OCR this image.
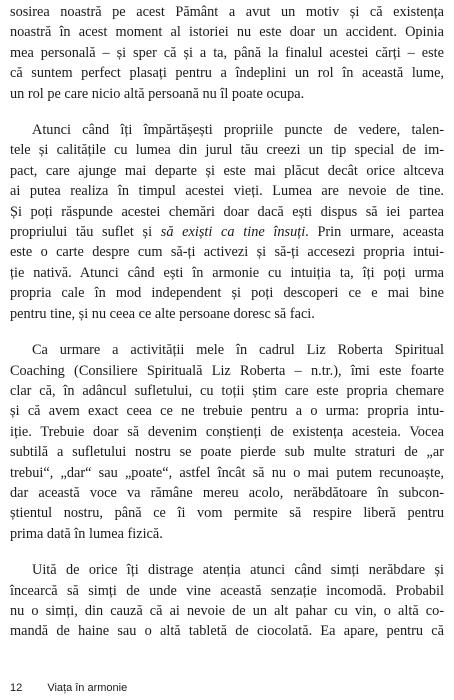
sosirea noastră pe acest Pământ a avut un motiv și că existența
noastră în acest moment al istoriei nu este doar un accident. Opinia
mea personală – și sper că și a ta, până la finalul acestei cărți – este
că suntem perfect plasați pentru a îndeplini un rol în această lume,
un rol pe care nicio altă persoană nu îl poate ocupa.

Atunci când îți împărtășești propriile puncte de vedere, talen-
tele și calitățile cu lumea din jurul tău creezi un tip special de im-
pact, care ajunge mai departe și este mai plăcut decât orice altceva
ai putea realiza în timpul acestei vieți. Lumea are nevoie de tine.
Și poți răspunde acestei chemări doar dacă ești dispus să iei partea
propriului tău suflet și să exiști ca tine însuți. Prin urmare, aceasta
este o carte despre cum să-ți activezi și să-ți accesezi propria intui-
ție nativă. Atunci când ești în armonie cu intuiția ta, îți poți urma
propria cale în mod independent și poți descoperi ce e mai bine
pentru tine, și nu ceea ce alte persoane doresc să faci.

Ca urmare a activității mele în cadrul Liz Roberta Spiritual
Coaching (Consiliere Spirituală Liz Roberta – n.tr.), îmi este foarte
clar că, în adâncul sufletului, cu toții știm care este propria chemare
și că avem exact ceea ce ne trebuie pentru a o urma: propria intu-
iție. Trebuie doar să devenim conștienți de existența acesteia. Vocea
subtilă a sufletului nostru se poate pierde sub multe straturi de „ar
trebui“, „dar“ sau „poate“, astfel încât să nu o mai putem recunoaște,
dar această voce va rămâne mereu acolo, nerăbdătoare în subcon-
știentul nostru, până ce îi vom permite să respire liberă pentru
prima dată în lumea fizică.

Uită de orice îți distrage atenția atunci când simți nerăbdare și
încearcă să simți de unde vine această senzație incomodă. Probabil
nu o simți, din cauză că ai nevoie de un alt pahar cu vin, o altă co-
mandă de haine sau o altă tabletă de ciocolată. Ea apare, pentru că

12 Viața în armonie
